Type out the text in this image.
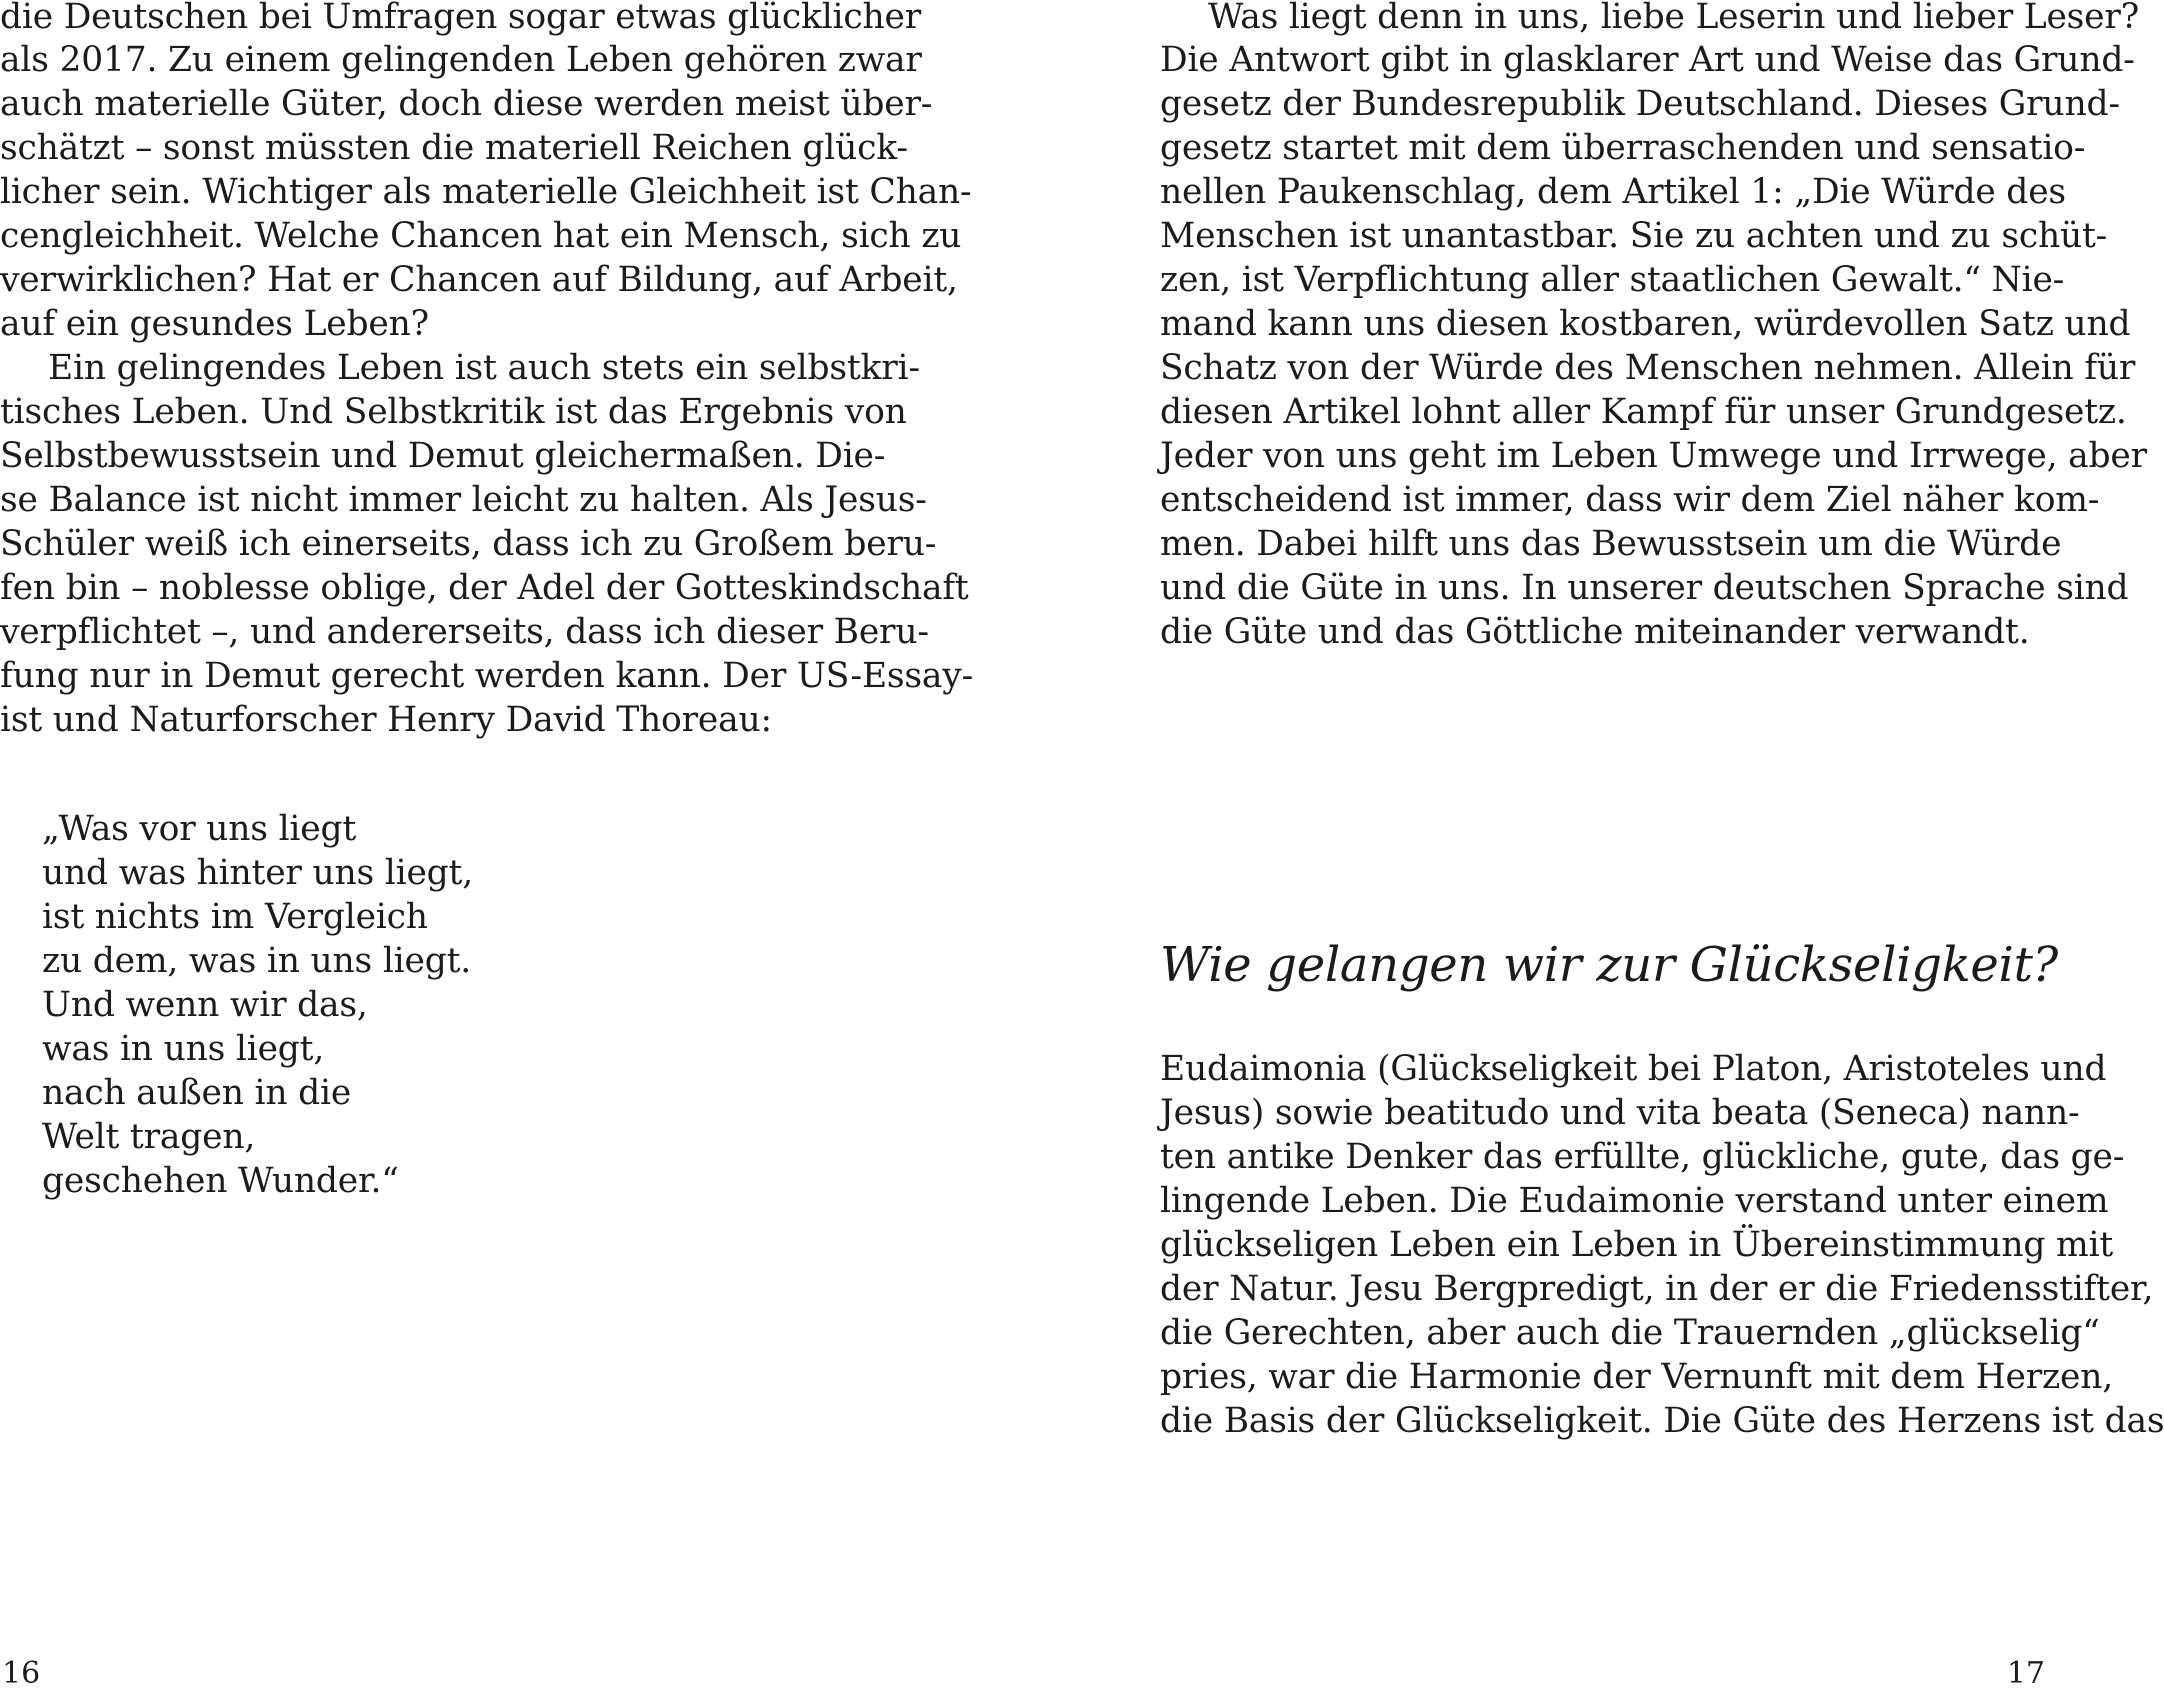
die Deutschen bei Umfragen sogar etwas glücklicher
als 2017. Zu einem gelingenden Leben gehören zwar
auch materielle Güter, doch diese werden meist über-
schätzt – sonst müssten die materiell Reichen glück-
licher sein. Wichtiger als materielle Gleichheit ist Chan-
cengleichheit. Welche Chancen hat ein Mensch, sich zu
verwirklichen? Hat er Chancen auf Bildung, auf Arbeit,
auf ein gesundes Leben?
Ein gelingendes Leben ist auch stets ein selbstkri-
tisches Leben. Und Selbstkritik ist das Ergebnis von
Selbstbewusstsein und Demut gleichermaßen. Die-
se Balance ist nicht immer leicht zu halten. Als Jesus-
Schüler weiß ich einerseits, dass ich zu Großem beru-
fen bin – noblesse oblige, der Adel der Gotteskindschaft
verpflichtet –, und andererseits, dass ich dieser Beru-
fung nur in Demut gerecht werden kann. Der US-Essay-
ist und Naturforscher Henry David Thoreau:
„Was vor uns liegt
und was hinter uns liegt,
ist nichts im Vergleich
zu dem, was in uns liegt.
Und wenn wir das,
was in uns liegt,
nach außen in die
Welt tragen,
geschehen Wunder.“
16
Was liegt denn in uns, liebe Leserin und lieber Leser?
Die Antwort gibt in glasklarer Art und Weise das Grund-
gesetz der Bundesrepublik Deutschland. Dieses Grund-
gesetz startet mit dem überraschenden und sensatio-
nellen Paukenschlag, dem Artikel 1: „Die Würde des
Menschen ist unantastbar. Sie zu achten und zu schüt-
zen, ist Verpflichtung aller staatlichen Gewalt.“ Nie-
mand kann uns diesen kostbaren, würdevollen Satz und
Schatz von der Würde des Menschen nehmen. Allein für
diesen Artikel lohnt aller Kampf für unser Grundgesetz.
Jeder von uns geht im Leben Umwege und Irrwege, aber
entscheidend ist immer, dass wir dem Ziel näher kom-
men. Dabei hilft uns das Bewusstsein um die Würde
und die Güte in uns. In unserer deutschen Sprache sind
die Güte und das Göttliche miteinander verwandt.
Wie gelangen wir zur Glückseligkeit?
Eudaimonia (Glückseligkeit bei Platon, Aristoteles und
Jesus) sowie beatitudo und vita beata (Seneca) nann-
ten antike Denker das erfüllte, glückliche, gute, das ge-
lingende Leben. Die Eudaimonie verstand unter einem
glückseligen Leben ein Leben in Übereinstimmung mit
der Natur. Jesu Bergpredigt, in der er die Friedensstifter,
die Gerechten, aber auch die Trauernden „glückselig“
pries, war die Harmonie der Vernunft mit dem Herzen,
die Basis der Glückseligkeit. Die Güte des Herzens ist das
17
